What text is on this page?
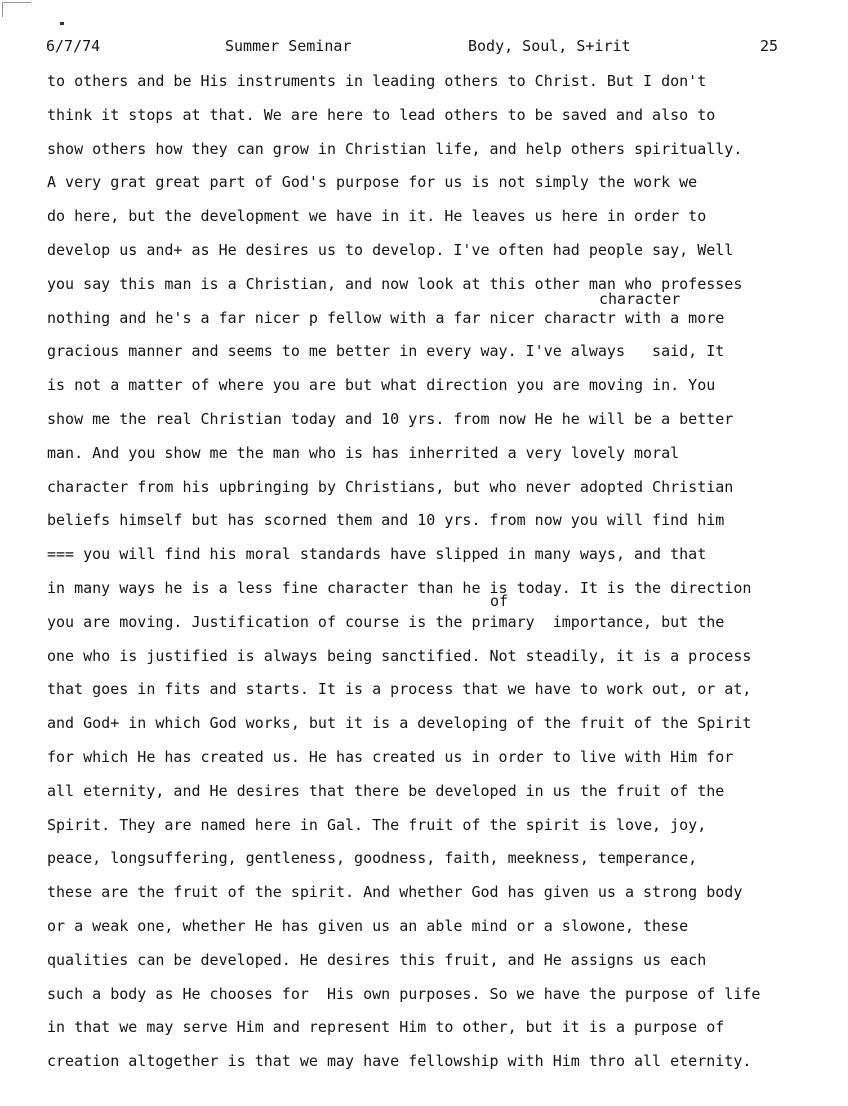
6/7/74	Summer Seminar	Body, Soul, S+irit	25
character
of
to others and be His instruments in leading others to Christ. But I don't
think it stops at that. We are here to lead others to be saved and also to
show others how they can grow in Christian life, and help others spiritually.
A very grat great part of God's purpose for us is not simply the work we
do here, but the development we have in it. He leaves us here in order to
develop us and+ as He desires us to develop. I've often had people say, Well
you say this man is a Christian, and now look at this other man who professes
nothing and he's a far nicer p fellow with a far nicer charactr with a more
gracious manner and seems to me better in every way. I've always   said, It
is not a matter of where you are but what direction you are moving in. You
show me the real Christian today and 10 yrs. from now He he will be a better
man. And you show me the man who is has inherrited a very lovely moral
character from his upbringing by Christians, but who never adopted Christian
beliefs himself but has scorned them and 10 yrs. from now you will find him
=== you will find his moral standards have slipped in many ways, and that
in many ways he is a less fine character than he is today. It is the direction
you are moving. Justification of course is the primary  importance, but the
one who is justified is always being sanctified. Not steadily, it is a process
that goes in fits and starts. It is a process that we have to work out, or at,
and God+ in which God works, but it is a developing of the fruit of the Spirit
for which He has created us. He has created us in order to live with Him for
all eternity, and He desires that there be developed in us the fruit of the
Spirit. They are named here in Gal. The fruit of the spirit is love, joy,
peace, longsuffering, gentleness, goodness, faith, meekness, temperance,
these are the fruit of the spirit. And whether God has given us a strong body
or a weak one, whether He has given us an able mind or a slowone, these
qualities can be developed. He desires this fruit, and He assigns us each
such a body as He chooses for  His own purposes. So we have the purpose of life
in that we may serve Him and represent Him to other, but it is a purpose of
creation altogether is that we may have fellowship with Him thro all eternity.
